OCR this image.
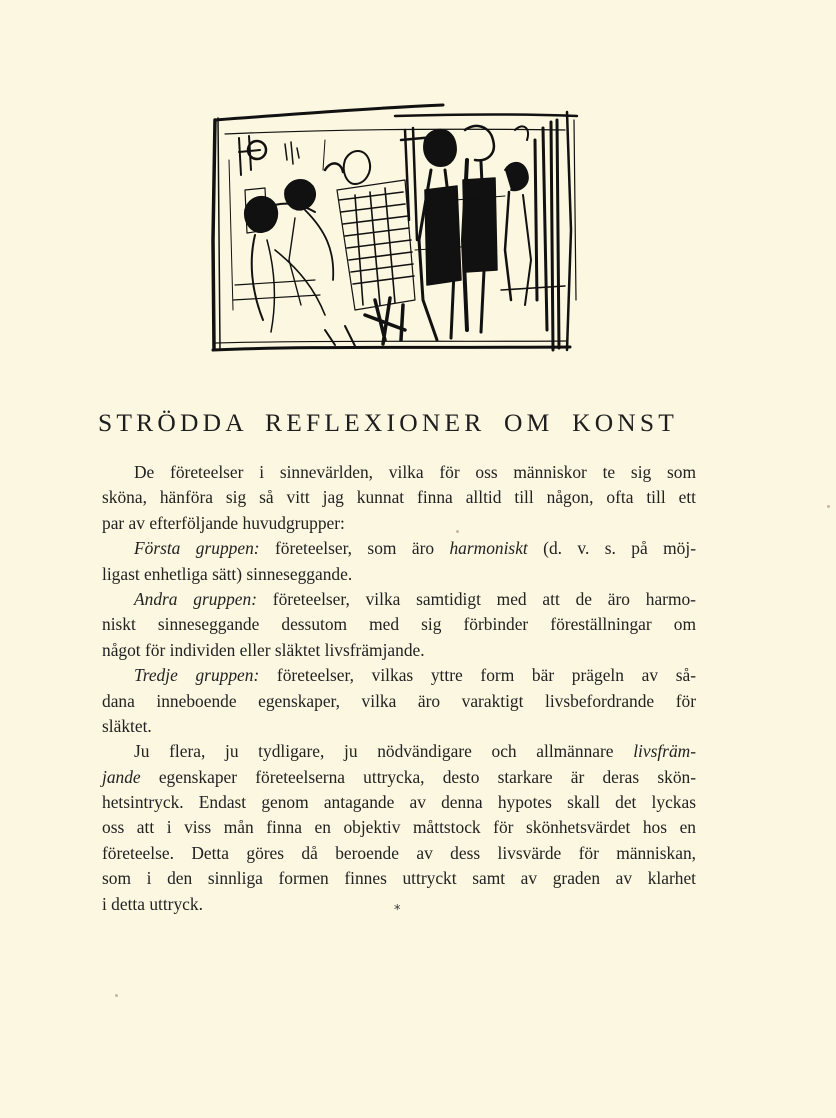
STRÖDDA REFLEXIONER OM KONST
De företeelser i sinnevärlden, vilka för oss människor te sig som
sköna, hänföra sig så vitt jag kunnat finna alltid till någon, ofta till ett
par av efterföljande huvudgrupper:
Första gruppen: företeelser, som äro harmoniskt (d. v. s. på möj-
ligast enhetliga sätt) sinneseggande.
Andra gruppen: företeelser, vilka samtidigt med att de äro harmo-
niskt sinneseggande dessutom med sig förbinder föreställningar om
något för individen eller släktet livsfrämjande.
Tredje gruppen: företeelser, vilkas yttre form bär prägeln av så-
dana inneboende egenskaper, vilka äro varaktigt livsbefordrande för
släktet.
Ju flera, ju tydligare, ju nödvändigare och allmännare livsfräm-
jande egenskaper företeelserna uttrycka, desto starkare är deras skön-
hetsintryck. Endast genom antagande av denna hypotes skall det lyckas
oss att i viss mån finna en objektiv måttstock för skönhetsvärdet hos en
företeelse. Detta göres då beroende av dess livsvärde för människan,
som i den sinnliga formen finnes uttryckt samt av graden av klarhet
i detta uttryck.	*
